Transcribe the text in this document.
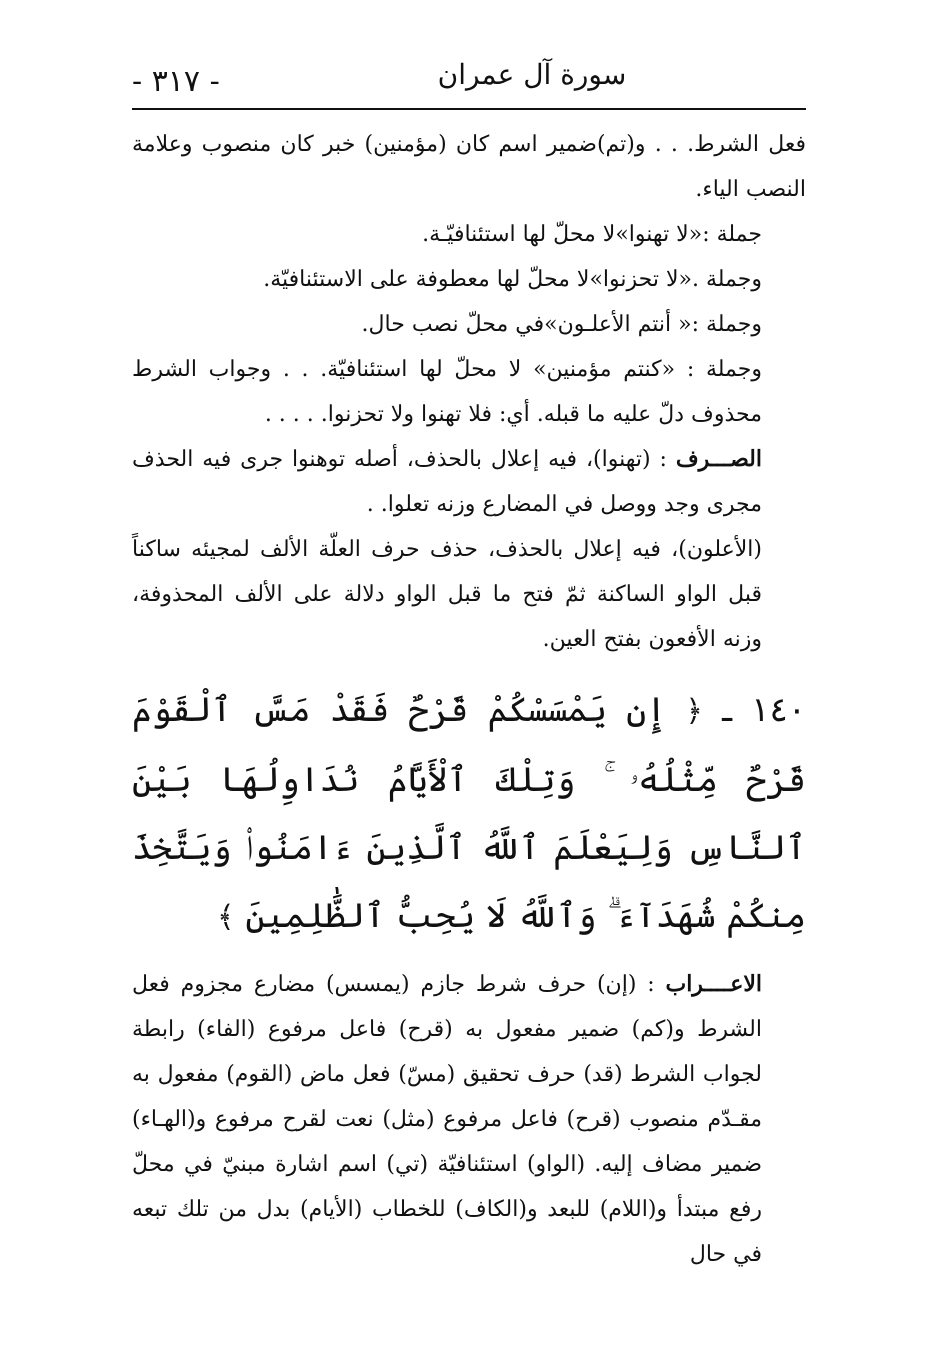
- ٣١٧ -	سورة آل عمران

فعل الشرط. . . و(تم)ضمير اسم كان (مؤمنين) خبر كان منصوب وعلامة النصب الياء.

جملة :«لا تهنوا»لا محلّ لها استئنافيّـة.

وجملة .«لا تحزنوا»لا محلّ لها معطوفة على الاستئنافيّة.

وجملة :« أنتم الأعلـون»في محلّ نصب حال.

وجملة : «كنتم مؤمنين» لا محلّ لها استئنافيّة. . . وجواب الشرط محذوف دلّ عليه ما قبله. أي: فلا تهنوا ولا تحزنوا. . . . .

الصـــرف : (تهنوا)، فيه إعلال بالحذف، أصله توهنوا جرى فيه الحذف مجرى وجد ووصل في المضارع وزنه تعلوا. .

(الأعلون)، فيه إعلال بالحذف، حذف حرف العلّة الألف لمجيئه ساكناً قبل الواو الساكنة ثمّ فتح ما قبل الواو دلالة على الألف المحذوفة، وزنه الأفعون بفتح العين.

١٤٠ ـ ﴿ إِن يَمْسَسْكُمْ قَرْحٌ فَقَدْ مَسَّ ٱلْقَوْمَ قَرْحٌ مِّثْلُهُۥ ۚ وَتِلْكَ ٱلْأَيَّامُ نُدَاوِلُهَا بَيْنَ ٱلنَّاسِ وَلِيَعْلَمَ ٱللَّهُ ٱلَّذِينَ ءَامَنُوا۟ وَيَتَّخِذَ مِنكُمْ شُهَدَآءَ ۗ وَٱللَّهُ لَا يُحِبُّ ٱلظَّٰلِمِينَ ﴾

الاعــــراب : (إن) حرف شرط جازم (يمسس) مضارع مجزوم فعل الشرط و(كم) ضمير مفعول به (قرح) فاعل مرفوع (الفاء) رابطة لجواب الشرط (قد) حرف تحقيق (مسّ) فعل ماض (القوم) مفعول به مقـدّم منصوب (قرح) فاعل مرفوع (مثل) نعت لقرح مرفوع و(الهـاء) ضمير مضاف إليه. (الواو) استئنافيّة (تي) اسم اشارة مبنيّ في محلّ رفع مبتدأ و(اللام) للبعد و(الكاف) للخطاب (الأيام) بدل من تلك تبعه في حال
